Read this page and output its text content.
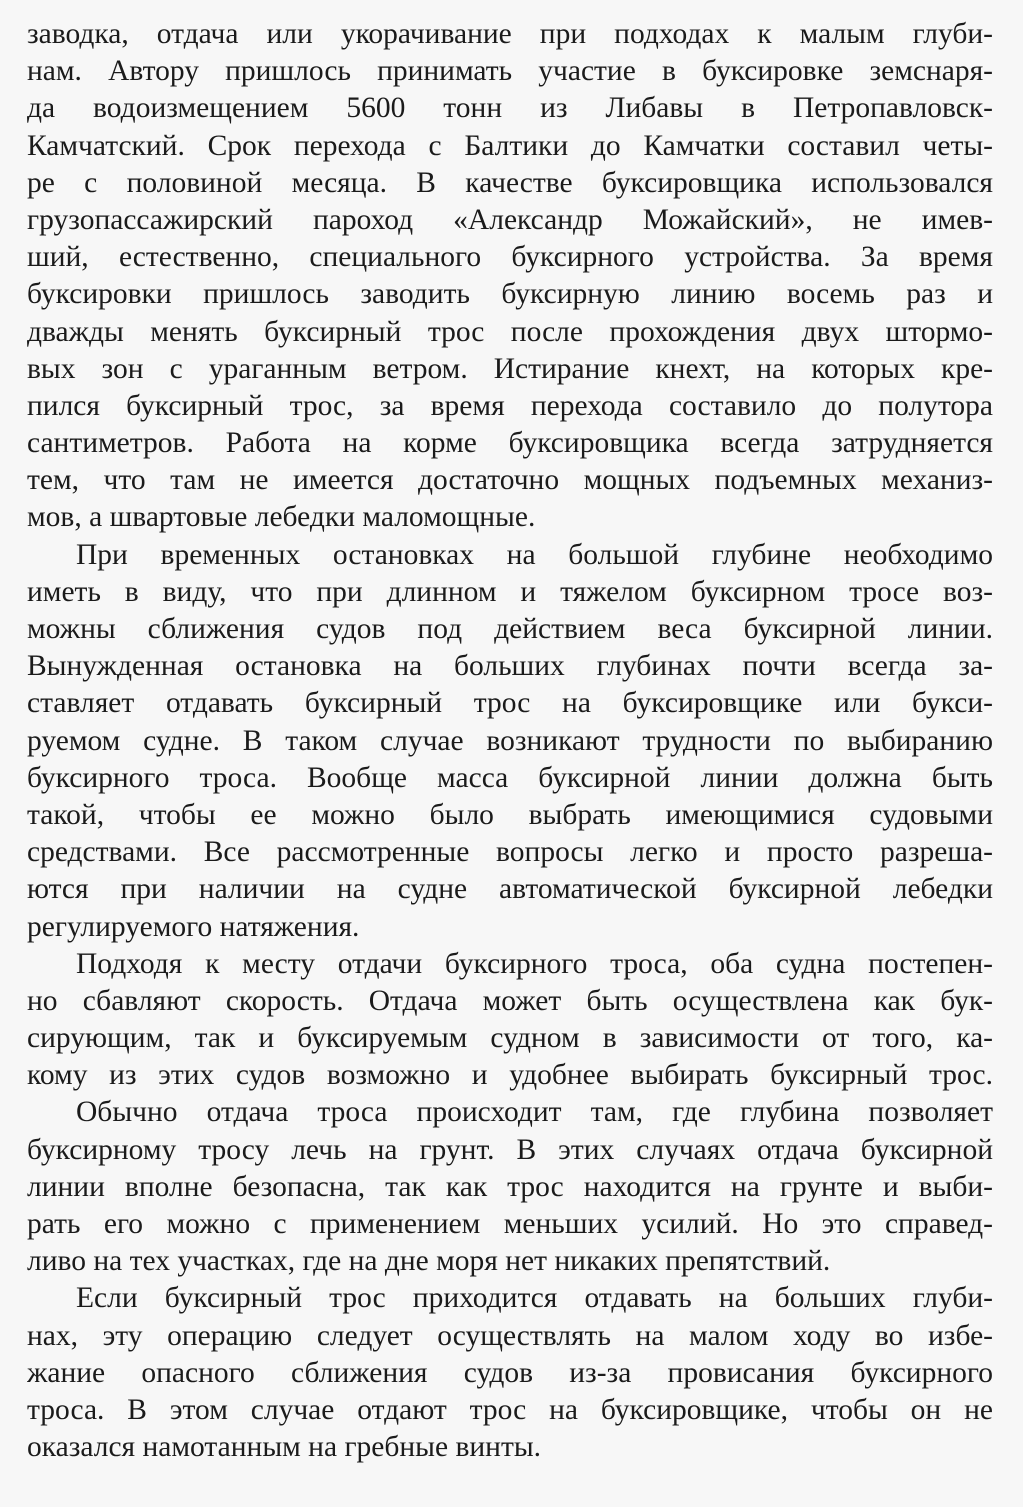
заводка, отдача или укорачивание при подходах к малым глуби-
нам. Автору пришлось принимать участие в буксировке земснаря-
да водоизмещением 5600 тонн из Либавы в Петропавловск-
Камчатский. Срок перехода с Балтики до Камчатки составил четы-
ре с половиной месяца. В качестве буксировщика использовался
грузопассажирский пароход «Александр Можайский», не имев-
ший, естественно, специального буксирного устройства. За время
буксировки пришлось заводить буксирную линию восемь раз и
дважды менять буксирный трос после прохождения двух штормо-
вых зон с ураганным ветром. Истирание кнехт, на которых кре-
пился буксирный трос, за время перехода составило до полутора
сантиметров. Работа на корме буксировщика всегда затрудняется
тем, что там не имеется достаточно мощных подъемных механиз-
мов, а швартовые лебедки маломощные.
При временных остановках на большой глубине необходимо
иметь в виду, что при длинном и тяжелом буксирном тросе воз-
можны сближения судов под действием веса буксирной линии.
Вынужденная остановка на больших глубинах почти всегда за-
ставляет отдавать буксирный трос на буксировщике или букси-
руемом судне. В таком случае возникают трудности по выбиранию
буксирного троса. Вообще масса буксирной линии должна быть
такой, чтобы ее можно было выбрать имеющимися судовыми
средствами. Все рассмотренные вопросы легко и просто разреша-
ются при наличии на судне автоматической буксирной лебедки
регулируемого натяжения.
Подходя к месту отдачи буксирного троса, оба судна постепен-
но сбавляют скорость. Отдача может быть осуществлена как бук-
сирующим, так и буксируемым судном в зависимости от того, ка-
кому из этих судов возможно и удобнее выбирать буксирный трос.
Обычно отдача троса происходит там, где глубина позволяет
буксирному тросу лечь на грунт. В этих случаях отдача буксирной
линии вполне безопасна, так как трос находится на грунте и выби-
рать его можно с применением меньших усилий. Но это справед-
ливо на тех участках, где на дне моря нет никаких препятствий.
Если буксирный трос приходится отдавать на больших глуби-
нах, эту операцию следует осуществлять на малом ходу во избе-
жание опасного сближения судов из-за провисания буксирного
троса. В этом случае отдают трос на буксировщике, чтобы он не
оказался намотанным на гребные винты.
